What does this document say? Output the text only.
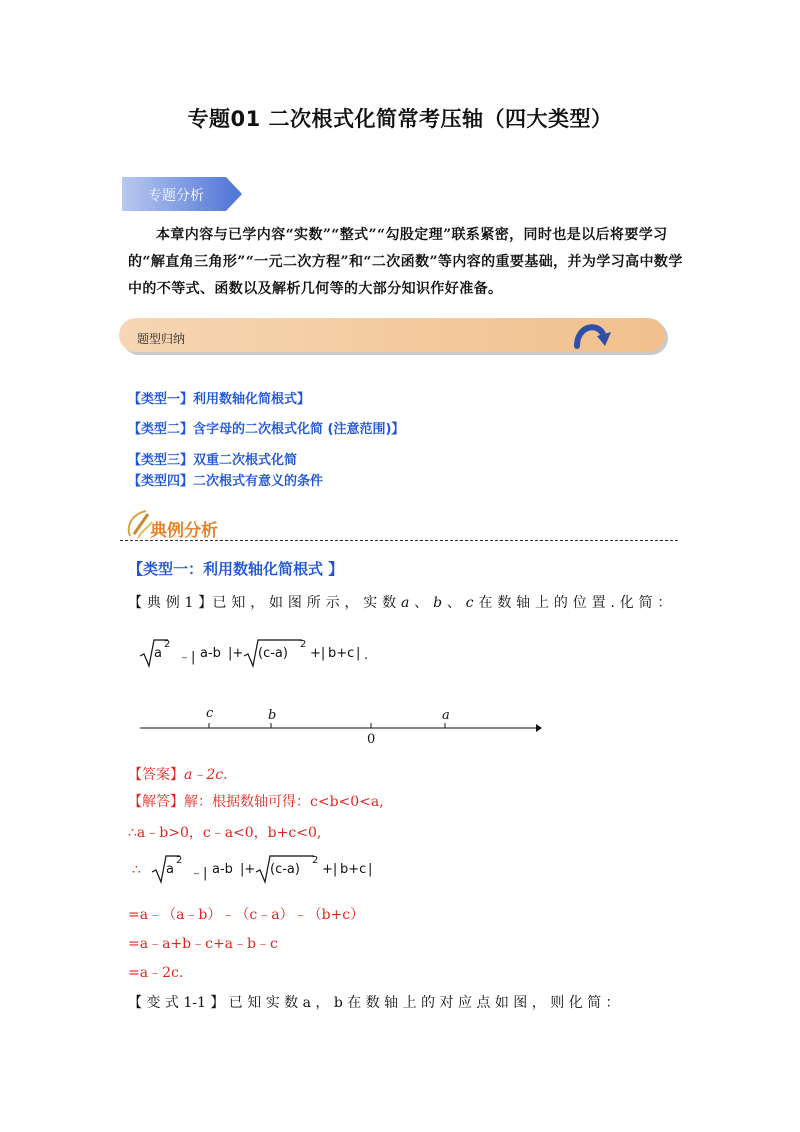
专题01 二次根式化简常考压轴（四大类型）
专题分析
本章内容与已学内容“实数”“整式”“勾股定理”联系紧密，同时也是以后将要学习的“解直角三角形”“一元二次方程”和“二次函数”等内容的重要基础，并为学习高中数学中的不等式、函数以及解析几何等的大部分知识作好准备。
题型归纳
【类型一】利用数轴化简根式】
【类型二】含字母的二次根式化简 (注意范围)】
【类型三】双重二次根式化简
【类型四】二次根式有意义的条件
典例分析
【类型一：利用数轴化简根式 】
【 典 例 1 】已 知 ， 如 图 所 示 ， 实 数 a 、 b 、 c 在 数 轴 上 的 位 置 . 化 简 ：
a
2
﹣| a-b |+ (c-a)
2
+| b+c | .
c	b	a
0
【答案】a﹣2c.
【解答】解：根据数轴可得：c<b<0<a,
∴a﹣b>0，c﹣a<0，b+c<0,
∴ a
2
﹣| a-b |+ (c-a)
2
+| b+c |
=a﹣（a﹣b）﹣（c﹣a）﹣（b+c）
=a﹣a+b﹣c+a﹣b﹣c
=a﹣2c.
【 变 式 1-1 】 已 知 实 数 a ， b 在 数 轴 上 的 对 应 点 如 图 ， 则 化 简 ：
